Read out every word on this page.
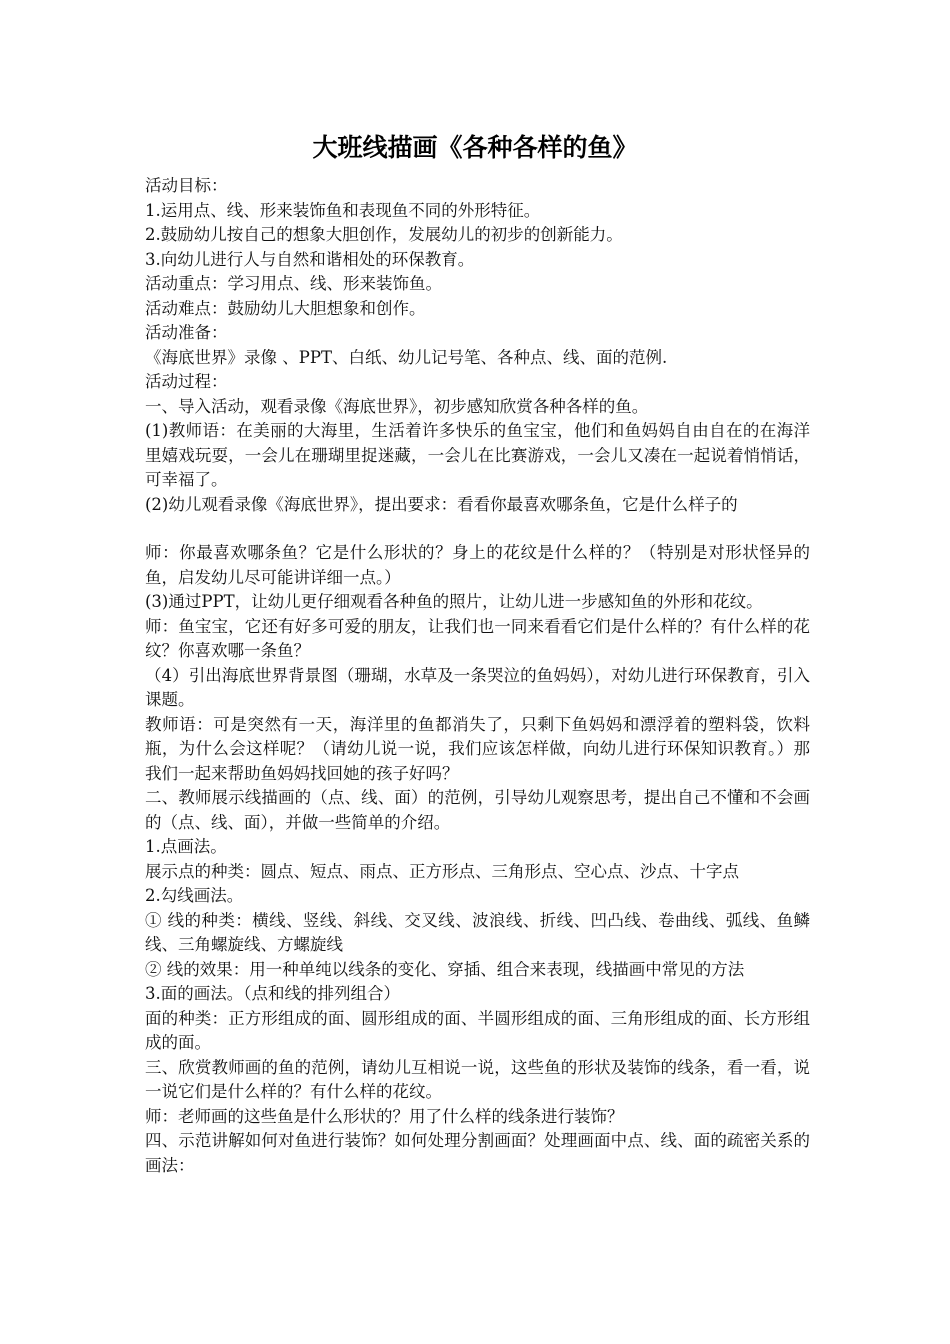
大班线描画《各种各样的鱼》

活动目标：

1.运用点、线、形来装饰鱼和表现鱼不同的外形特征。

2.鼓励幼儿按自己的想象大胆创作，发展幼儿的初步的创新能力。

3.向幼儿进行人与自然和谐相处的环保教育。

活动重点：学习用点、线、形来装饰鱼。

活动难点：鼓励幼儿大胆想象和创作。

活动准备：

《海底世界》录像 、PPT、白纸、幼儿记号笔、各种点、线、面的范例.

活动过程：

一、导入活动，观看录像《海底世界》，初步感知欣赏各种各样的鱼。

(1)教师语：在美丽的大海里，生活着许多快乐的鱼宝宝，他们和鱼妈妈自由自在的在海洋里嬉戏玩耍，一会儿在珊瑚里捉迷藏，一会儿在比赛游戏，一会儿又凑在一起说着悄悄话，可幸福了。

(2)幼儿观看录像《海底世界》，提出要求：看看你最喜欢哪条鱼，它是什么样子的

师：你最喜欢哪条鱼？它是什么形状的？身上的花纹是什么样的？（特别是对形状怪异的鱼，启发幼儿尽可能讲详细一点。）

(3)通过PPT，让幼儿更仔细观看各种鱼的照片，让幼儿进一步感知鱼的外形和花纹。

师：鱼宝宝，它还有好多可爱的朋友，让我们也一同来看看它们是什么样的？有什么样的花纹？你喜欢哪一条鱼？

（4）引出海底世界背景图（珊瑚，水草及一条哭泣的鱼妈妈），对幼儿进行环保教育，引入课题。

教师语：可是突然有一天，海洋里的鱼都消失了，只剩下鱼妈妈和漂浮着的塑料袋，饮料瓶，为什么会这样呢？（请幼儿说一说，我们应该怎样做，向幼儿进行环保知识教育。）那我们一起来帮助鱼妈妈找回她的孩子好吗？

二、教师展示线描画的（点、线、面）的范例，引导幼儿观察思考，提出自己不懂和不会画的（点、线、面），并做一些简单的介绍。

1.点画法。

展示点的种类：圆点、短点、雨点、正方形点、三角形点、空心点、沙点、十字点

2.勾线画法。

① 线的种类：横线、竖线、斜线、交叉线、波浪线、折线、凹凸线、卷曲线、弧线、鱼鳞线、三角螺旋线、方螺旋线

② 线的效果：用一种单纯以线条的变化、穿插、组合来表现，线描画中常见的方法

3.面的画法。（点和线的排列组合）

面的种类：正方形组成的面、圆形组成的面、半圆形组成的面、三角形组成的面、长方形组成的面。

三、欣赏教师画的鱼的范例，请幼儿互相说一说，这些鱼的形状及装饰的线条，看一看，说一说它们是什么样的？有什么样的花纹。

师：老师画的这些鱼是什么形状的？用了什么样的线条进行装饰？

四、示范讲解如何对鱼进行装饰？如何处理分割画面？处理画面中点、线、面的疏密关系的画法：
